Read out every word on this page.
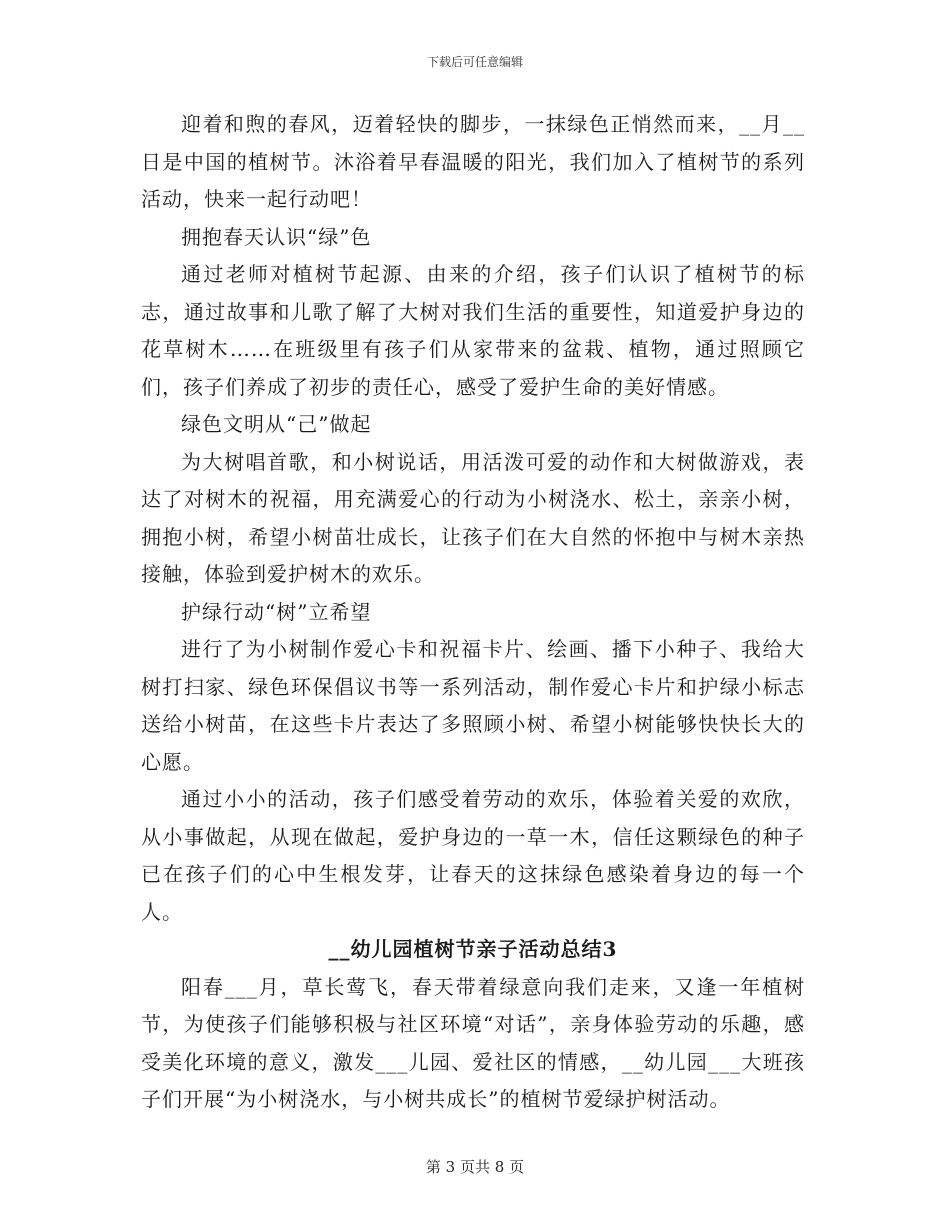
下载后可任意编辑

迎着和煦的春风，迈着轻快的脚步，一抹绿色正悄然而来，__月__日是中国的植树节。沐浴着早春温暖的阳光，我们加入了植树节的系列活动，快来一起行动吧！

拥抱春天认识“绿”色

通过老师对植树节起源、由来的介绍，孩子们认识了植树节的标志，通过故事和儿歌了解了大树对我们生活的重要性，知道爱护身边的花草树木……在班级里有孩子们从家带来的盆栽、植物，通过照顾它们，孩子们养成了初步的责任心，感受了爱护生命的美好情感。

绿色文明从“己”做起

为大树唱首歌，和小树说话，用活泼可爱的动作和大树做游戏，表达了对树木的祝福，用充满爱心的行动为小树浇水、松土，亲亲小树，拥抱小树，希望小树苗壮成长，让孩子们在大自然的怀抱中与树木亲热接触，体验到爱护树木的欢乐。

护绿行动“树”立希望

进行了为小树制作爱心卡和祝福卡片、绘画、播下小种子、我给大树打扫家、绿色环保倡议书等一系列活动，制作爱心卡片和护绿小标志送给小树苗，在这些卡片表达了多照顾小树、希望小树能够快快长大的心愿。

通过小小的活动，孩子们感受着劳动的欢乐，体验着关爱的欢欣，从小事做起，从现在做起，爱护身边的一草一木，信任这颗绿色的种子已在孩子们的心中生根发芽，让春天的这抹绿色感染着身边的每一个人。

__幼儿园植树节亲子活动总结3

阳春___月，草长莺飞，春天带着绿意向我们走来，又逢一年植树节，为使孩子们能够积极与社区环境“对话”，亲身体验劳动的乐趣，感受美化环境的意义，激发___儿园、爱社区的情感，__幼儿园___大班孩子们开展“为小树浇水，与小树共成长”的植树节爱绿护树活动。

第 3 页共 8 页
